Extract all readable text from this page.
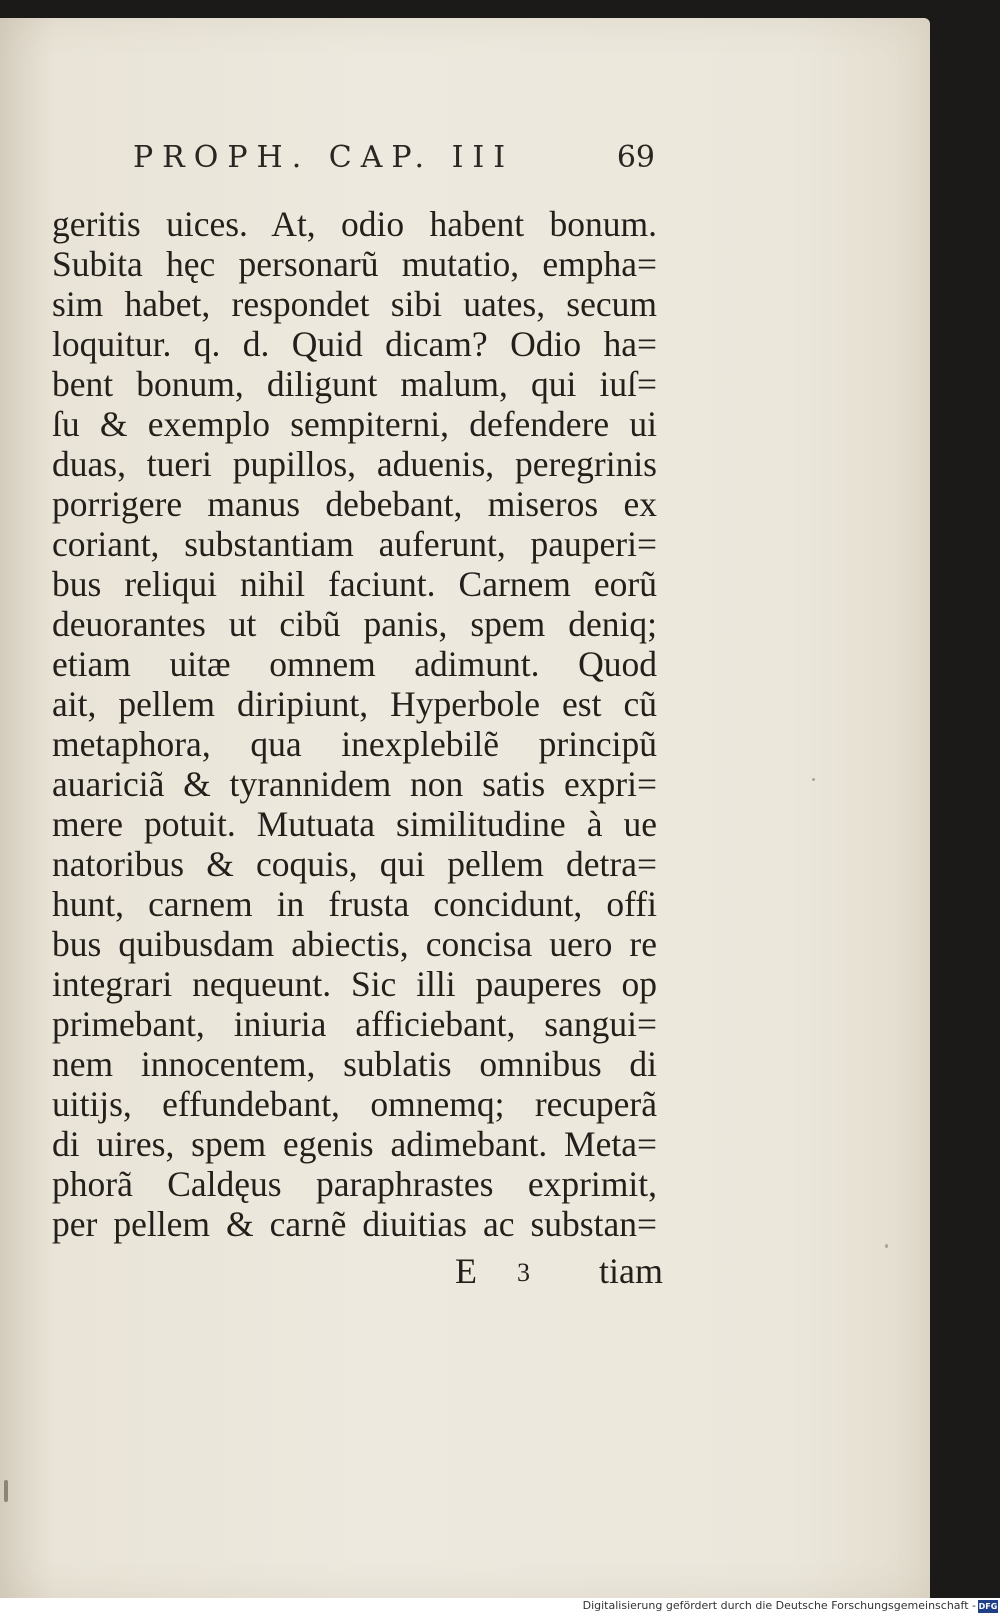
PROPH. CAP. III	69
geritis uices. At, odio habent bonum.
Subita hęc personarũ mutatio, empha=
sim habet, respondet sibi uates, secum
loquitur. q. d. Quid dicam? Odio ha=
bent bonum, diligunt malum, qui iuſ=
ſu & exemplo sempiterni, defendere ui
duas, tueri pupillos, aduenis, peregrinis
porrigere manus debebant, miseros ex
coriant, substantiam auferunt, pauperi=
bus reliqui nihil faciunt. Carnem eorũ
deuorantes ut cibũ panis, spem deniq;
etiam uitæ omnem adimunt. Quod
ait, pellem diripiunt, Hyperbole est cũ
metaphora, qua inexplebilẽ principũ
auariciã & tyrannidem non satis expri=
mere potuit. Mutuata similitudine à ue
natoribus & coquis, qui pellem detra=
hunt, carnem in frusta concidunt, offi
bus quibusdam abiectis, concisa uero re
integrari nequeunt. Sic illi pauperes op
primebant, iniuria afficiebant, sangui=
nem innocentem, sublatis omnibus di
uitĳs, effundebant, omnemq; recuperã
di uires, spem egenis adimebant. Meta=
phorã Caldęus paraphrastes exprimit,
per pellem & carnẽ diuitias ac substan=
E 3 tiam
Digitalisierung gefördert durch die Deutsche Forschungsgemeinschaft - DFG
